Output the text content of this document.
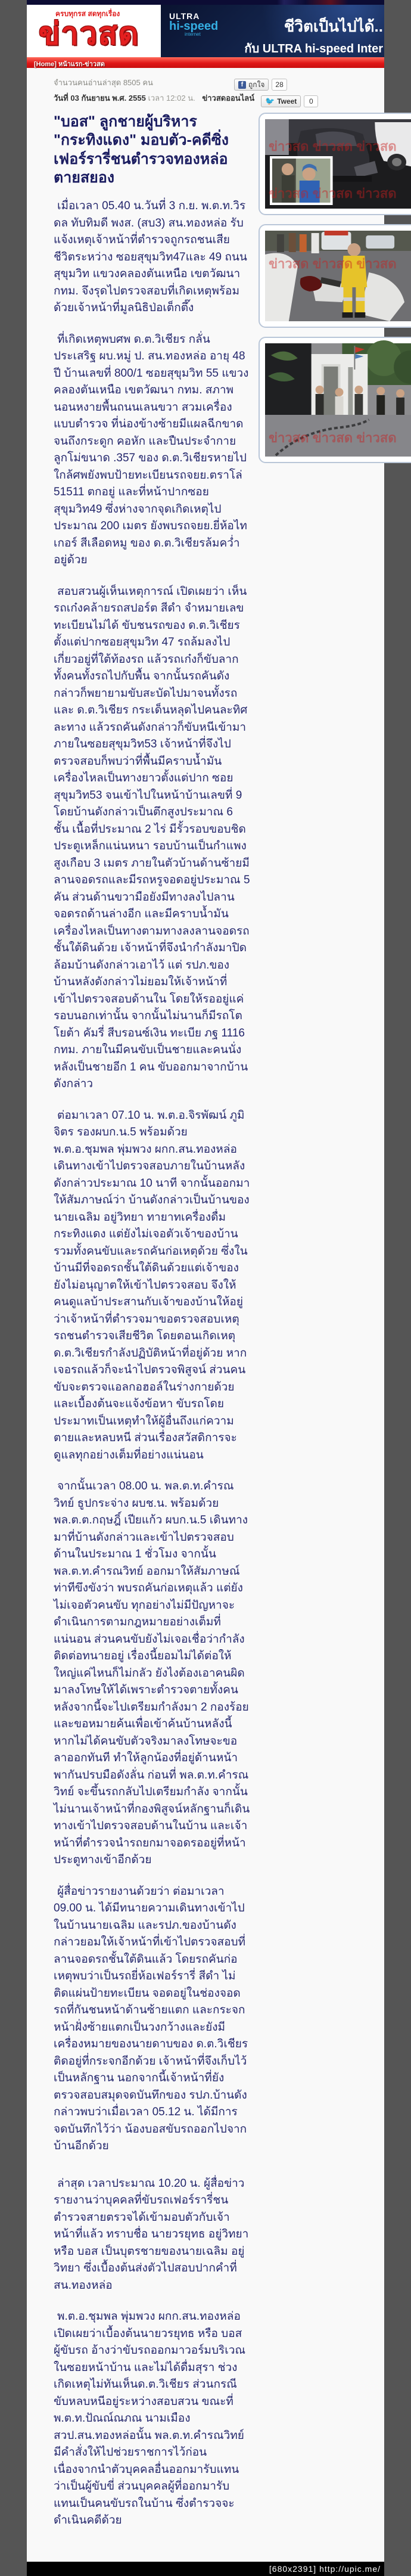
ครบทุกรส สดทุกเรื่อง
ข่าวสด
ULTRA
hi-speed
internet	ชีวิตเป็นไปได้..
กับ ULTRA hi-speed Inter
[Home] หน้าแรก-ข่าวสด
จำนวนคนอ่านล่าสุด 8505 คน
วันที่ 03 กันยายน พ.ศ. 2555 เวลา 12:02 น. ข่าวสดออนไลน์
f ถูกใจ	28
🐦 Tweet	0
"บอส" ลูกชายผู้บริหาร "กระทิงแดง" มอบตัว-คดีซิ่งเฟอร์รารี่ชนตำรวจทองหล่อตายสยอง

เมื่อเวลา 05.40 น.วันที่ 3 ก.ย. พ.ต.ท.วิรดล ทับทิมดี พงส. (สบ3) สน.ทองหล่อ รับแจ้งเหตุเจ้าหน้าที่ตำรวจถูกรถชนเสียชีวิตระหว่าง ซอยสุขุมวิท47และ 49 ถนนสุขุมวิท แขวงคลองตันเหนือ เขตวัฒนา กทม. จึงรุดไปตรวจสอบที่เกิดเหตุพร้อมด้วยเจ้าหน้าที่มูลนิธิป่อเต็กตึ๊ง

ที่เกิดเหตุพบศพ ด.ต.วิเชียร กลั่นประเสริฐ ผบ.หมู่ ป. สน.ทองหล่อ อายุ 48 ปี บ้านเลขที่ 800/1 ซอยสุขุมวิท 55 แขวงคลองตันเหนือ เขตวัฒนา กทม. สภาพนอนหงายพื้นถนนเลนขวา สวมเครื่องแบบตำรวจ ที่น่องข้างซ้ายมีแผลฉีกขาดจนถึงกระดูก คอหัก และปืนประจำกายลูกโม่ขนาด .357 ของ ด.ต.วิเชียรหายไป ใกล้ศพยังพบป้ายทะเบียนรถจยย.ตราโล่ 51511 ตกอยู่ และที่หน้าปากซอยสุขุมวิท49 ซึ่งห่างจากจุดเกิดเหตุไปประมาณ 200 เมตร ยังพบรถจยย.ยี่ห้อไทเกอร์ สีเลือดหมู ของ ด.ต.วิเชียรล้มคว่ำอยู่ด้วย

สอบสวนผู้เห็นเหตุการณ์ เปิดเผยว่า เห็นรถเก๋งคล้ายรถสปอร์ต สีดำ จำหมายเลขทะเบียนไม่ได้ ขับชนรถของ ด.ต.วิเชียร ตั้งแต่ปากซอยสุขุมวิท 47 รถล้มลงไปเกี่ยวอยู่ที่ใต้ท้องรถ แล้วรถเก๋งก็ขับลากทั้งคนทั้งรถไปกับพื้น จากนั้นรถคันดังกล่าวก็พยายามขับสะบัดไปมาจนทั้งรถและ ด.ต.วิเชียร กระเด็นหลุดไปคนละทิศละทาง แล้วรถคันดังกล่าวก็ขับหนีเข้ามาภายในซอยสุขุมวิท53 เจ้าหน้าที่จึงไปตรวจสอบก็พบว่าที่พื้นมีคราบน้ำมันเครื่องไหลเป็นทางยาวตั้งแต่ปาก ซอยสุขุมวิท53 จนเข้าไปในหน้าบ้านเลขที่ 9 โดยบ้านดังกล่าวเป็นตึกสูงประมาณ 6 ชั้น เนื้อที่ประมาณ 2 ไร่ มีรั้วรอบขอบชิดประตูเหล็กแน่นหนา รอบบ้านเป็นกำแพงสูงเกือบ 3 เมตร ภายในตัวบ้านด้านซ้ายมีลานจอดรถและมีรถหรูจอดอยู่ประมาณ 5 คัน ส่วนด้านขวามือยังมีทางลงไปลานจอดรถด้านล่างอีก และมีคราบน้ำมันเครื่องไหลเป็นทางตามทางลงลานจอดรถชั้นใต้ดินด้วย เจ้าหน้าที่จึงนำกำลังมาปิดล้อมบ้านดังกล่าวเอาไว้ แต่ รปภ.ของบ้านหลังดังกล่าวไม่ยอมให้เจ้าหน้าที่เข้าไปตรวจสอบด้านใน โดยให้รออยู่แค่รอบนอกเท่านั้น จากนั้นไม่นานก็มีรถโตโยต้า คัมรี่ สีบรอนซ์เงิน ทะเบีย ภฐ 1116 กทม. ภายในมีคนขับเป็นชายและคนนั่งหลังเป็นชายอีก 1 คน ขับออกมาจากบ้านดังกล่าว

ต่อมาเวลา 07.10 น. พ.ต.อ.จิรพัฒน์ ภูมิจิตร รองผบก.น.5 พร้อมด้วย พ.ต.อ.ชุมพล พุ่มพวง ผกก.สน.ทองหล่อ เดินทางเข้าไปตรวจสอบภายในบ้านหลังดังกล่าวประมาณ 10 นาที จากนั้นออกมาให้สัมภาษณ์ว่า บ้านดังกล่าวเป็นบ้านของ นายเฉลิม อยู่วิทยา ทายาทเครื่องดื่มกระทิงแดง แต่ยังไม่เจอตัวเจ้าของบ้าน รวมทั้งคนขับและรถคันก่อเหตุด้วย ซึ่งในบ้านมีที่จอดรถชั้นใต้ดินด้วยแต่เจ้าของยังไม่อนุญาตให้เข้าไปตรวจสอบ จึงให้คนดูแลบ้าประสานกับเจ้าของบ้านให้อยู่ว่าเจ้าหน้าที่ตำรวจมาขอตรวจสอบเหตุรถชนตำรวจเสียชีวิต โดยตอนเกิดเหตุ ด.ต.วิเชียรกำลังปฏิบัติหน้าที่อยู่ด้วย หากเจอรถแล้วก็จะนำไปตรวจพิสูจน์ ส่วนคนขับจะตรวจแอลกอฮอล์ในร่างกายด้วย และเบื้องต้นจะแจ้งข้อหา ขับรถโดยประมาทเป็นเหตุทำให้ผู้อื่นถึงแก่ความตายและหลบหนี ส่วนเรื่องสวัสดิการจะดูแลทุกอย่างเต็มที่อย่างแน่นอน

จากนั้นเวลา 08.00 น. พล.ต.ท.คำรณวิทย์ ธูปกระจ่าง ผบช.น. พร้อมด้วย พล.ต.ต.กฤษฎิ์ เปียแก้ว ผบก.น.5 เดินทางมาที่บ้านดังกล่าวและเข้าไปตรวจสอบด้านในประมาณ 1 ชั่วโมง จากนั้น พล.ต.ท.คำรณวิทย์ ออกมาให้สัมภาษณ์ท่าทีขึงขังว่า พบรถคันก่อเหตุแล้ว แต่ยังไม่เจอตัวคนขับ ทุกอย่างไม่มีปัญหาจะดำเนินการตามกฎหมายอย่างเต็มที่แน่นอน ส่วนคนขับยังไม่เจอเชื่อว่ากำลังติดต่อทนายอยู่ เรื่องนี้ยอมไม่ได้ต่อให้ใหญ่แค่ไหนก็ไม่กลัว ยังไงต้องเอาคนผิดมาลงโทษให้ได้เพราะตำรวจตายทั้งคน หลังจากนี้จะไปเตรียมกำลังมา 2 กองร้อย และขอหมายค้นเพื่อเข้าค้นบ้านหลังนี้ หากไม่ได้คนขับตัวจริงมาลงโทษจะขอลาออกทันที ทำให้ลูกน้องที่อยู่ด้านหน้าพากันปรบมือดังลั่น ก่อนที่ พล.ต.ท.คำรณวิทย์ จะขึ้นรถกลับไปเตรียมกำลัง จากนั้นไม่นานเจ้าหน้าที่กองพิสูจน์หลักฐานก็เดินทางเข้าไปตรวจสอบด้านในบ้าน และเจ้าหน้าที่ตำรวจนำรถยกมาจอดรออยู่ที่หน้าประตูทางเข้าอีกด้วย

ผู้สื่อข่าวรายงานด้วยว่า ต่อมาเวลา 09.00 น. ได้มีทนายความเดินทางเข้าไปในบ้านนายเฉลิม และรปภ.ของบ้านดังกล่าวยอมให้เจ้าหน้าที่เข้าไปตรวจสอบที่ลานจอดรถชั้นใต้ดินแล้ว โดยรถคันก่อเหตุพบว่าเป็นรถยี่ห้อเฟอร์รารี่ สีดำ ไม่ติดแผ่นป้ายทะเบียน จอดอยู่ในช่องจอดรถที่กันชนหน้าด้านซ้ายแตก และกระจกหน้าฝั่งซ้ายแตกเป็นวงกว้างและยังมีเครื่องหมายของนายดาบของ ด.ต.วิเชียร ติดอยู่ที่กระจกอีกด้วย เจ้าหน้าที่จึงเก็บไว้เป็นหลักฐาน นอกจากนี้เจ้าหน้าที่ยังตรวจสอบสมุดจดบันทึกของ รปภ.บ้านดังกล่าวพบว่าเมื่อเวลา 05.12 น. ได้มีการจดบันทึกไว้ว่า น้องบอสขับรถออกไปจากบ้านอีกด้วย

ล่าสุด เวลาประมาณ 10.20 น. ผู้สื่อข่าวรายงานว่าบุคคลที่ขับรถเฟอร์รารี่ชนตำรวจสายตรวจได้เข้ามอบตัวกับเจ้าหน้าที่แล้ว ทราบชื่อ นายวรยุทธ อยู่วิทยา หรือ บอส เป็นบุตรชายของนายเฉลิม อยู่วิทยา ซึ่งเบื้องต้นส่งตัวไปสอบปากคำที่สน.ทองหล่อ

พ.ต.อ.ชุมพล พุ่มพวง ผกก.สน.ทองหล่อ เปิดเผยว่าเบื้องต้นนายวรยุทธ หรือ บอส ผู้ขับรถ อ้างว่าขับรถออกมาวอร์มบริเวณในซอยหน้าบ้าน และไม่ได้ดื่มสุรา ช่วงเกิดเหตุไม่ทันเห็นด.ต.วิเชียร ส่วนกรณีขับหลบหนีอยู่ระหว่างสอบสวน ขณะที่ พ.ต.ท.ปัณณ์ณภณ นามเมือง สวป.สน.ทองหล่อนั้น พล.ต.ท.คำรณวิทย์มีคำสั่งให้ไปช่วยราชการไว้ก่อน เนื่องจากนำตัวบุคคลอื่นออกมารับแทน ว่าเป็นผู้ขับขี่ ส่วนบุคคลผู้ที่ออกมารับแทนเป็นคนขับรถในบ้าน ซึ่งตำรวจจะดำเนินคดีด้วย

ข่าวสด ข่าวสด ข่าวสด
ข่าวสด ข่าวสด ข่าวสด
ข่าวสด ข่าวสด ข่าวสด
ข่าวสด ข่าวสด ข่าวสด
[680x2391] http://upic.me/
